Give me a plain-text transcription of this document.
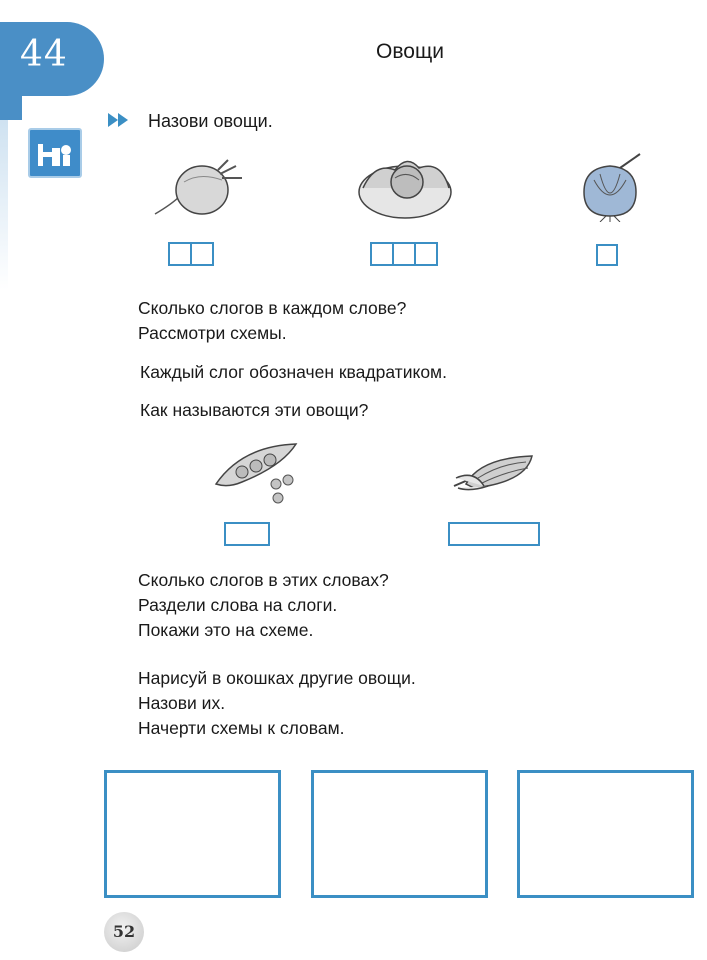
44	Овощи
Назови овощи.
Сколько слогов в каждом слове?
Рассмотри схемы.
Каждый слог обозначен квадратиком.
Как называются эти овощи?
Сколько слогов в этих словах?
Раздели слова на слоги.
Покажи это на схеме.
Нарисуй в окошках другие овощи.
Назови их.
Начерти схемы к словам.
52
